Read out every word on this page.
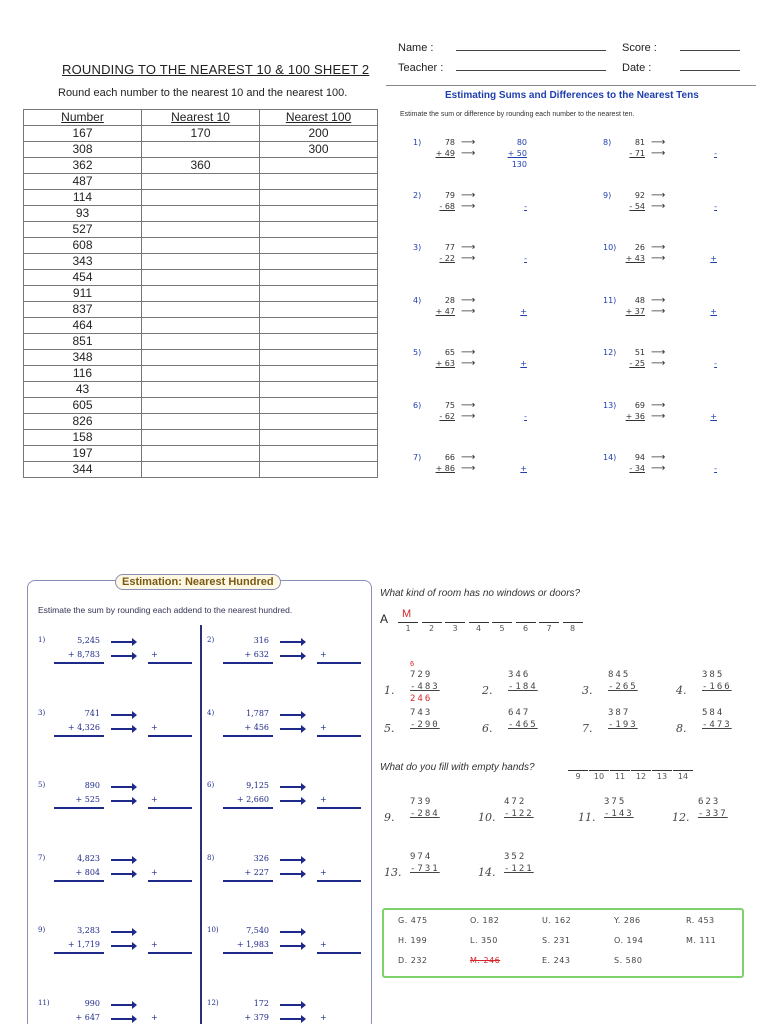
ROUNDING TO THE NEAREST 10 & 100 SHEET 2
Round each number to the nearest 10 and the nearest 100.
Number	Nearest 10	Nearest 100
167	170	200
308		300
362	360	
487		
114		
93		
527		
608		
343		
454		
911		
837		
464		
851		
348		
116		
43		
605		
826		
158		
197		
344		
Name :
Teacher :
Score :
Date :
Estimating Sums and Differences to the Nearest Tens
Estimate the sum or difference by rounding each number to the nearest ten.
1)	78
+ 49
⟶
⟶
80
+ 50
130
2)	79
- 68
⟶
⟶	-
3)	77
- 22
⟶
⟶	-
4)	28
+ 47
⟶
⟶	+
5)	65
+ 63
⟶
⟶	+
6)	75
- 62
⟶
⟶	-
7)	66
+ 86
⟶
⟶	+
8)	81
- 71
⟶
⟶	-
9)	92
- 54
⟶
⟶	-
10)	26
+ 43
⟶
⟶	+
11)	48
+ 37
⟶
⟶	+
12)	51
- 25
⟶
⟶	-
13)	69
+ 36
⟶
⟶	+
14)	94
- 34
⟶
⟶	-
Estimation: Nearest Hundred
Estimate the sum by rounding each addend to the nearest hundred.
1)	5,245
+ 8,783	+
2)	316
+ 632	+
3)	741
+ 4,326	+
4)	1,787
+ 456	+
5)	890
+ 525	+
6)	9,125
+ 2,660	+
7)	4,823
+ 804	+
8)	326
+ 227	+
9)	3,283
+ 1,719	+
10)	7,540
+ 1,983	+
11)	990
+ 647	+
12)	172
+ 379	+
What kind of room has no windows or doors?
A M
1	2	3	4	5	6	7	8
What do you fill with empty hands?
9	10	11	12	13	14
1.
729
-483
246
6
2.
346
-184	3.
845
-265	4.
385
-166
5.
743
-290	6.
647
-465	7.
387
-193	8.
584
-473
9.
739
-284	10.
472
-122	11.
375
-143	12.
623
-337
13.
974
-731	14.
352
-121
G. 475	O. 182	U. 162	Y. 286	R. 453
H. 199	L. 350	S. 231	O. 194	M. 111
D. 232	M. 246	E. 243	S. 580
